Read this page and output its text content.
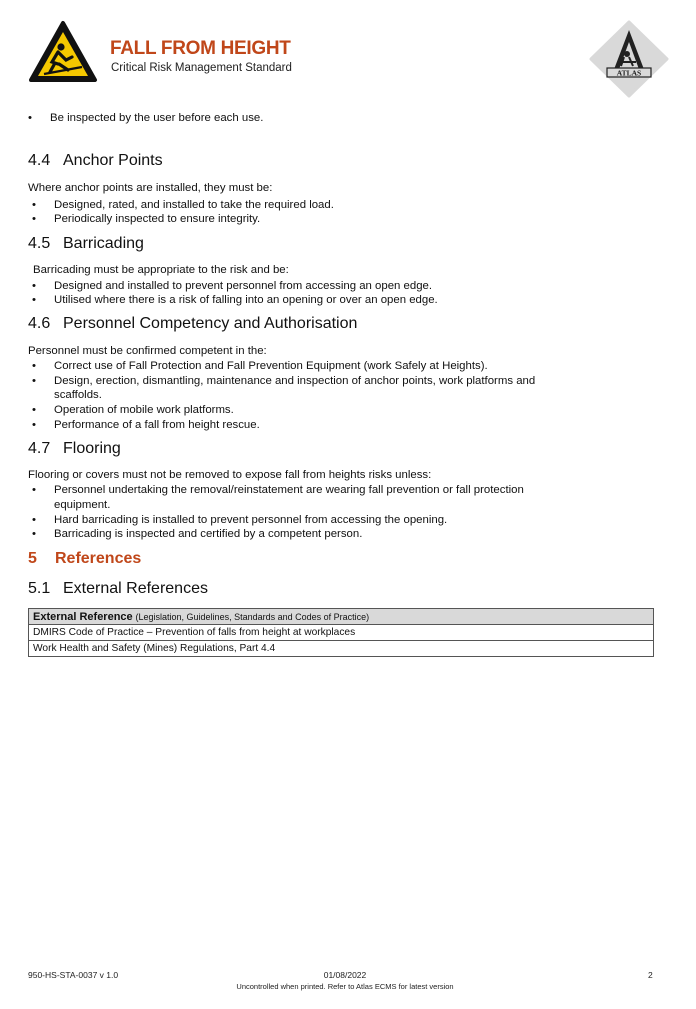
FALL FROM HEIGHT
Critical Risk Management Standard	ATLAS
• Be inspected by the user before each use.
4.4 Anchor Points
Where anchor points are installed, they must be:
• Designed, rated, and installed to take the required load.
• Periodically inspected to ensure integrity.
4.5 Barricading
Barricading must be appropriate to the risk and be:
• Designed and installed to prevent personnel from accessing an open edge.
• Utilised where there is a risk of falling into an opening or over an open edge.
4.6 Personnel Competency and Authorisation
Personnel must be confirmed competent in the:
• Correct use of Fall Protection and Fall Prevention Equipment (work Safely at Heights).
• Design, erection, dismantling, maintenance and inspection of anchor points, work platforms and
scaffolds.
• Operation of mobile work platforms.
• Performance of a fall from height rescue.
4.7 Flooring
Flooring or covers must not be removed to expose fall from heights risks unless:
• Personnel undertaking the removal/reinstatement are wearing fall prevention or fall protection
equipment.
• Hard barricading is installed to prevent personnel from accessing the opening.
• Barricading is inspected and certified by a competent person.
5 References
5.1 External References
External Reference (Legislation, Guidelines, Standards and Codes of Practice)
DMIRS Code of Practice – Prevention of falls from height at workplaces
Work Health and Safety (Mines) Regulations, Part 4.4
950-HS-STA-0037 v 1.0	01/08/2022
Uncontrolled when printed. Refer to Atlas ECMS for latest version
2
